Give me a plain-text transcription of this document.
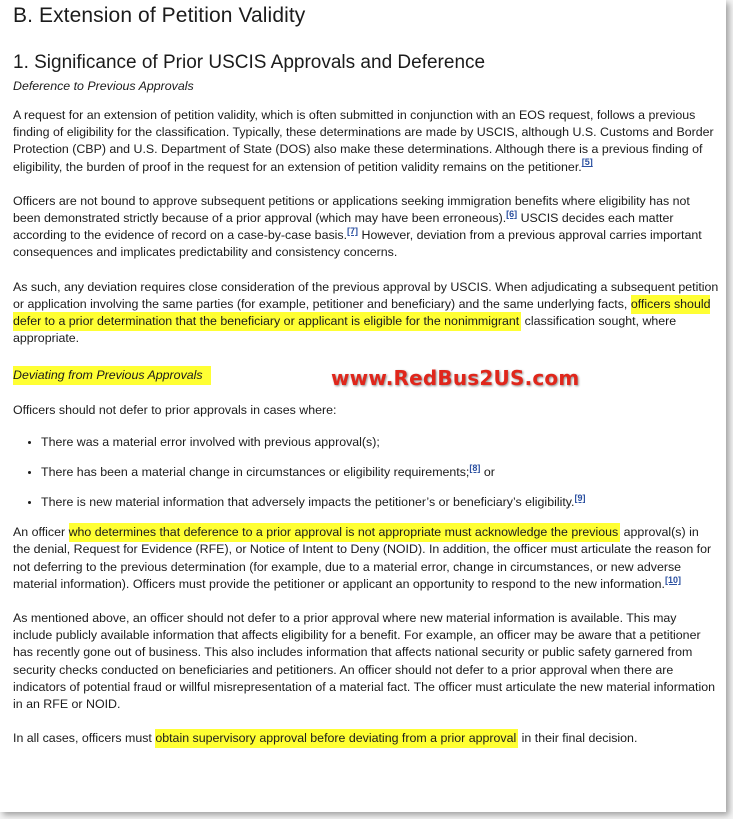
B. Extension of Petition Validity
1. Significance of Prior USCIS Approvals and Deference
Deference to Previous Approvals

A request for an extension of petition validity, which is often submitted in conjunction with an EOS request, follows a previous finding of eligibility for the classification. Typically, these determinations are made by USCIS, although U.S. Customs and Border Protection (CBP) and U.S. Department of State (DOS) also make these determinations. Although there is a previous finding of eligibility, the burden of proof in the request for an extension of petition validity remains on the petitioner.[5]

Officers are not bound to approve subsequent petitions or applications seeking immigration benefits where eligibility has not been demonstrated strictly because of a prior approval (which may have been erroneous).[6] USCIS decides each matter according to the evidence of record on a case-by-case basis.[7] However, deviation from a previous approval carries important consequences and implicates predictability and consistency concerns.

As such, any deviation requires close consideration of the previous approval by USCIS. When adjudicating a subsequent petition or application involving the same parties (for example, petitioner and beneficiary) and the same underlying facts, officers should defer to a prior determination that the beneficiary or applicant is eligible for the nonimmigrant classification sought, where appropriate.

Deviating from Previous Approvals	www.RedBus2US.com

Officers should not defer to prior approvals in cases where:

• There was a material error involved with previous approval(s);
• There has been a material change in circumstances or eligibility requirements;[8] or
• There is new material information that adversely impacts the petitioner’s or beneficiary’s eligibility.[9]

An officer who determines that deference to a prior approval is not appropriate must acknowledge the previous approval(s) in the denial, Request for Evidence (RFE), or Notice of Intent to Deny (NOID). In addition, the officer must articulate the reason for not deferring to the previous determination (for example, due to a material error, change in circumstances, or new adverse material information). Officers must provide the petitioner or applicant an opportunity to respond to the new information.[10]

As mentioned above, an officer should not defer to a prior approval where new material information is available. This may include publicly available information that affects eligibility for a benefit. For example, an officer may be aware that a petitioner has recently gone out of business. This also includes information that affects national security or public safety garnered from security checks conducted on beneficiaries and petitioners. An officer should not defer to a prior approval when there are indicators of potential fraud or willful misrepresentation of a material fact. The officer must articulate the new material information in an RFE or NOID.

In all cases, officers must obtain supervisory approval before deviating from a prior approval in their final decision.
